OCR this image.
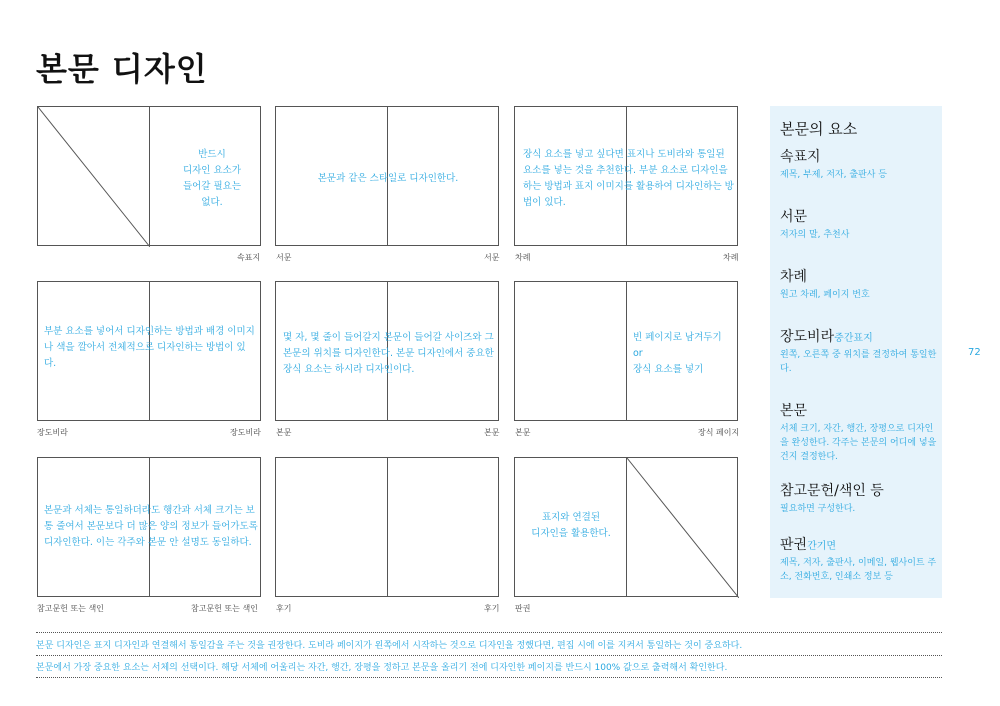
본문 디자인
반드시
디자인 요소가
들어갈 필요는
없다.
속표지
본문과 같은 스타일로 디자인한다.
서문	서문
장식 요소를 넣고 싶다면 표지나 도비라와 통일된 요소를 넣는 것을 추천한다. 부분 요소로 디자인을 하는 방법과 표지 이미지를 활용하여 디자인하는 방법이 있다.
차례	차례
부분 요소를 넣어서 디자인하는 방법과 배경 이미지나 색을 깔아서 전체적으로 디자인하는 방법이 있다.
장도비라	장도비라
몇 자, 몇 줄이 들어갈지 본문이 들어갈 사이즈와 그 본문의 위치를 디자인한다. 본문 디자인에서 중요한 장식 요소는 하시라 디자인이다.
본문	본문
빈 페이지로 남겨두기
or
장식 요소를 넣기
본문	장식 페이지
본문과 서체는 통일하더라도 행간과 서체 크기는 보통 줄여서 본문보다 더 많은 양의 정보가 들어가도록 디자인한다. 이는 각주와 본문 안 설명도 동일하다.
참고문헌 또는 색인	참고문헌 또는 색인 후기	후기
표지와 연결된
디자인을 활용한다.
판권
본문의 요소
속표지
제목, 부제, 저자, 출판사 등
서문
저자의 말, 추천사
차례
원고 차례, 페이지 번호
장도비라중간표지
왼쪽, 오른쪽 중 위치를 결정하여 통일한다.
본문
서체 크기, 자간, 행간, 장평으로 디자인을 완성한다. 각주는 본문의 어디에 넣을 건지 결정한다.
참고문헌/색인 등
필요하면 구성한다.
판권간기면
제목, 저자, 출판사, 이메일, 웹사이트 주소, 전화번호, 인쇄소 정보 등
72
본문 디자인은 표지 디자인과 연결해서 통일감을 주는 것을 권장한다. 도비라 페이지가 왼쪽에서 시작하는 것으로 디자인을 정했다면, 편집 시에 이를 지켜서 통일하는 것이 중요하다.
본문에서 가장 중요한 요소는 서체의 선택이다. 해당 서체에 어울리는 자간, 행간, 장평을 정하고 본문을 올리기 전에 디자인한 페이지를 반드시 100% 값으로 출력해서 확인한다.
